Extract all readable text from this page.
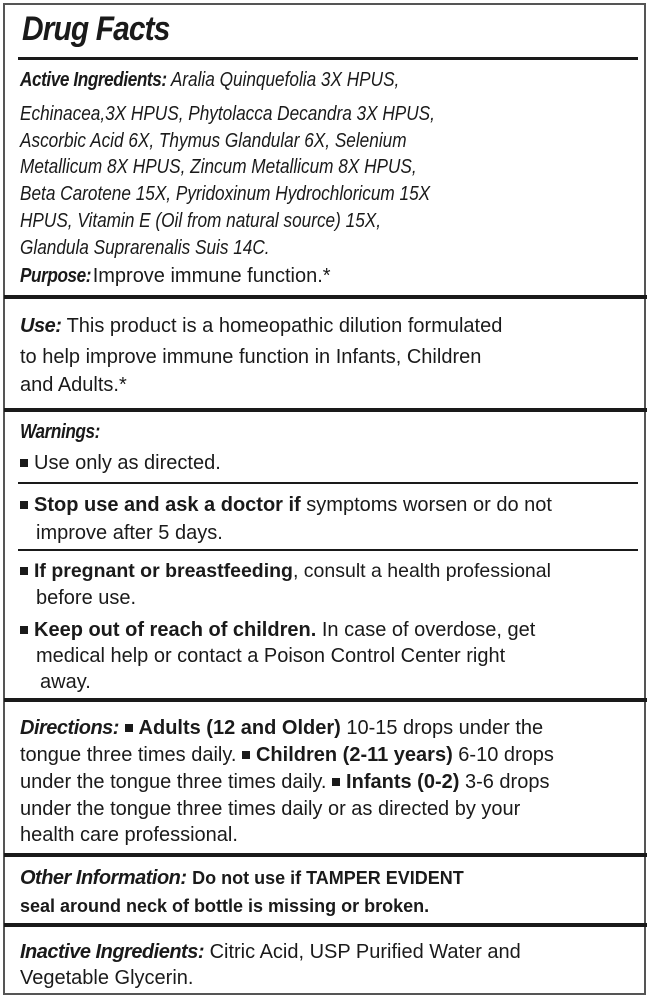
Drug Facts
Active Ingredients: Aralia Quinquefolia 3X HPUS,
Echinacea,3X HPUS, Phytolacca Decandra 3X HPUS,
Ascorbic Acid 6X, Thymus Glandular 6X, Selenium
Metallicum 8X HPUS, Zincum Metallicum 8X HPUS,
Beta Carotene 15X, Pyridoxinum Hydrochloricum 15X
HPUS, Vitamin E (Oil from natural source) 15X,
Glandula Suprarenalis Suis 14C.
Purpose:Improve immune function.*
Use: This product is a homeopathic dilution formulated
to help improve immune function in Infants, Children
and Adults.*
Warnings:
Use only as directed.
Stop use and ask a doctor if symptoms worsen or do not
improve after 5 days.
If pregnant or breastfeeding, consult a health professional
before use.
Keep out of reach of children. In case of overdose, get
medical help or contact a Poison Control Center right
away.
Directions: Adults (12 and Older) 10-15 drops under the
tongue three times daily. Children (2-11 years) 6-10 drops
under the tongue three times daily. Infants (0-2) 3-6 drops
under the tongue three times daily or as directed by your
health care professional.
Other Information: Do not use if TAMPER EVIDENT
seal around neck of bottle is missing or broken.
Inactive Ingredients: Citric Acid, USP Purified Water and
Vegetable Glycerin.
